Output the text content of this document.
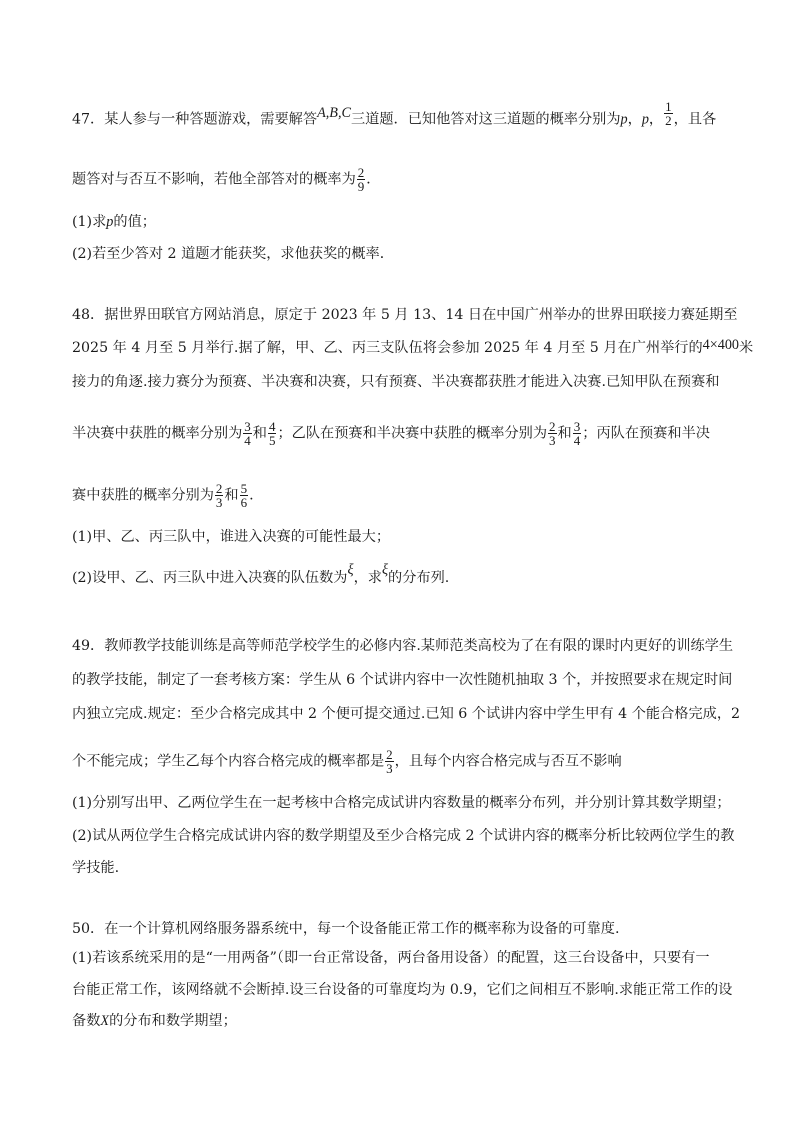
47．某人参与一种答题游戏，需要解答A,B,C三道题．已知他答对这三道题的概率分别为p，p， $\frac{1}{2}$ ，且各
题答对与否互不影响，若他全部答对的概率为 $\frac{2}{9}$ ．
(1)求p的值；
(2)若至少答对 2 道题才能获奖，求他获奖的概率．
48．据世界田联官方网站消息，原定于 2023 年 5 月 13、14 日在中国广州举办的世界田联接力赛延期至
2025 年 4 月至 5 月举行.据了解，甲、乙、丙三支队伍将会参加 2025 年 4 月至 5 月在广州举行的4×400米
接力的角逐.接力赛分为预赛、半决赛和决赛，只有预赛、半决赛都获胜才能进入决赛.已知甲队在预赛和
半决赛中获胜的概率分别为 $\frac{3}{4}$ 和 $\frac{4}{5}$ ；乙队在预赛和半决赛中获胜的概率分别为 $\frac{2}{3}$ 和 $\frac{3}{4}$ ；丙队在预赛和半决
赛中获胜的概率分别为 $\frac{2}{3}$ 和 $\frac{5}{6}$ .
(1)甲、乙、丙三队中，谁进入决赛的可能性最大；
(2)设甲、乙、丙三队中进入决赛的队伍数为ξ，求ξ的分布列.
49．教师教学技能训练是高等师范学校学生的必修内容.某师范类高校为了在有限的课时内更好的训练学生
的教学技能，制定了一套考核方案：学生从 6 个试讲内容中一次性随机抽取 3 个，并按照要求在规定时间
内独立完成.规定：至少合格完成其中 2 个便可提交通过.已知 6 个试讲内容中学生甲有 4 个能合格完成，2
个不能完成；学生乙每个内容合格完成的概率都是 $\frac{2}{3}$ ，且每个内容合格完成与否互不影响
(1)分别写出甲、乙两位学生在一起考核中合格完成试讲内容数量的概率分布列，并分别计算其数学期望；
(2)试从两位学生合格完成试讲内容的数学期望及至少合格完成 2 个试讲内容的概率分析比较两位学生的教
学技能.
50．在一个计算机网络服务器系统中，每一个设备能正常工作的概率称为设备的可靠度.
(1)若该系统采用的是“一用两备”（即一台正常设备，两台备用设备）的配置，这三台设备中，只要有一
台能正常工作，该网络就不会断掉.设三台设备的可靠度均为 0.9，它们之间相互不影响.求能正常工作的设
备数X的分布和数学期望；
